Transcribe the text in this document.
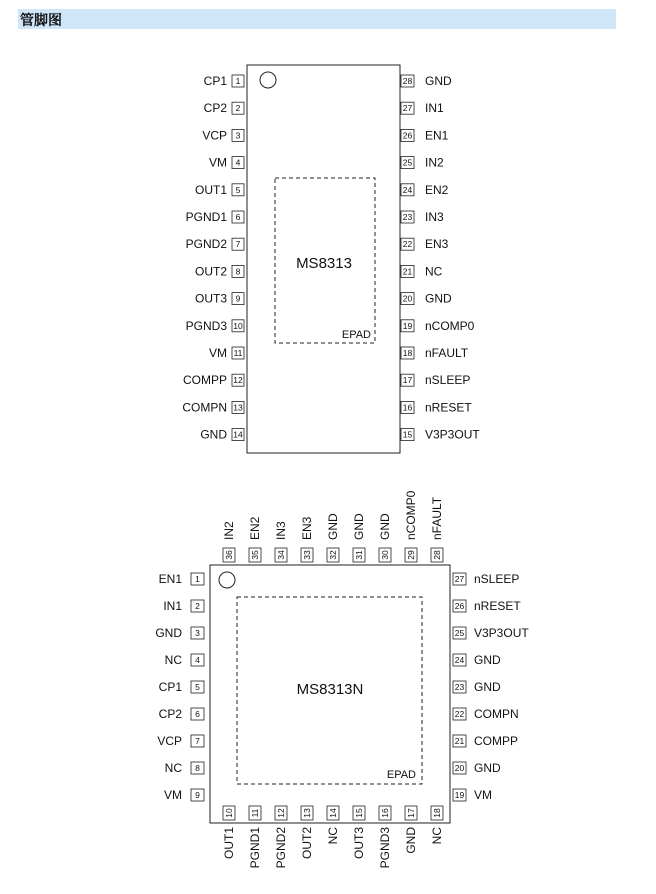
管脚图
MS8313
EPAD
1
CP1
2
CP2
3
VCP
4
VM
5
OUT1
6
PGND1
7
PGND2
8
OUT2
9
OUT3
10
PGND3
11
VM
12
COMPP
13
COMPN
14
GND
28 GND
27 IN1
26 EN1
25 IN2
24 EN2
23 IN3
22 EN3
21 NC
20 GND
19 nCOMP0
18 nFAULT
17 nSLEEP
16 nRESET
15 V3P3OUT
MS8313N
EPAD
1
EN1
2
IN1
3
GND
4
NC
5
CP1
6
CP2
7
VCP
8
NC
9
VM
27 nSLEEP
26 nRESET
25 V3P3OUT
24 GND
23 GND
22 COMPN
21 COMPP
20 GND
19 VM
36
IN2
35
EN2
34
IN3
33
EN3
32
GND
31
GND
30
GND
29
nCOMP0
28
nFAULT
10
OUT1
11
PGND1
12
PGND2
13
OUT2
14
NC
15
OUT3
16
PGND3
17
GND
18
NC
